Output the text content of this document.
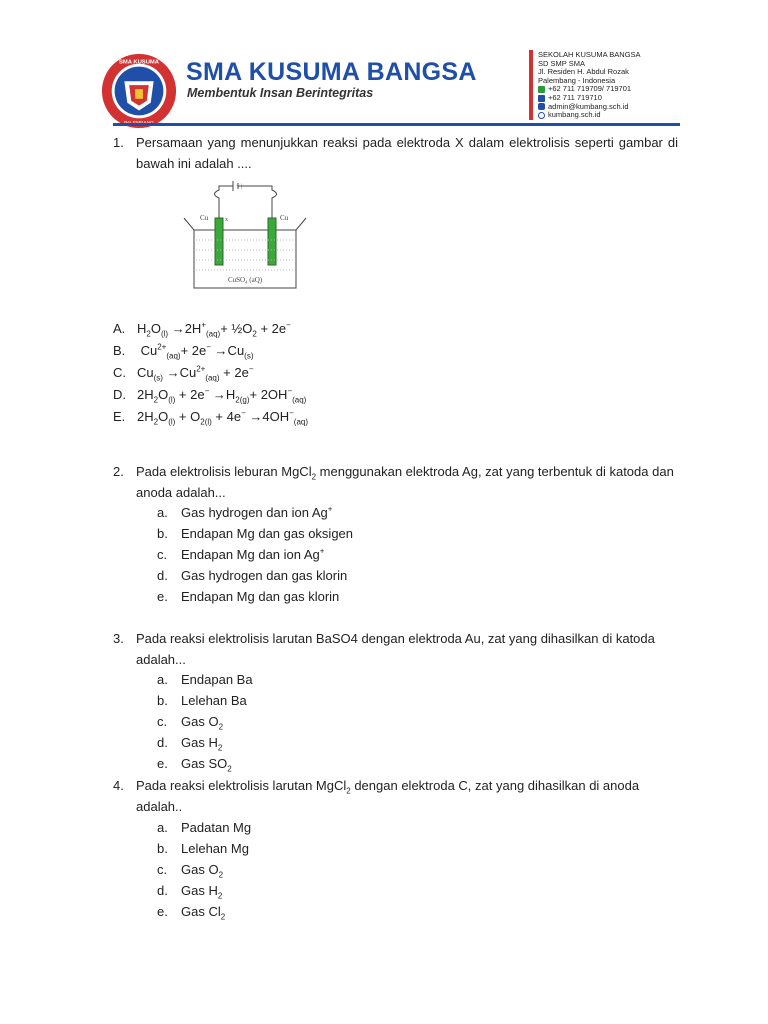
SMA KUSUMA SMA KUSUMA BANGSA
Membentuk Insan Berintegritas
SEKOLAH KUSUMA BANGSA
SD SMP SMA
Jl. Residen H. Abdul Rozak
Palembang - Indonesia
+62 711 719709/ 719701
+62 711 719710
admin@kumbang.sch.id
kumbang.sch.id
1. Persamaan yang menunjukkan reaksi pada elektroda X dalam elektrolisis seperti gambar di bawah ini adalah ....
+ | -
Cu	x	Cu
CuSO₄ (aQ)
A. $H_2O_{(l)} \to 2H^+_{(aq)}+$ $\frac{1}{2}O_2 + 2e^-$
B. $Cu^{2+}_{(aq)}+ 2e^- \to Cu_{(s)}$
C. $Cu_{(s)} \to Cu^{2+}_{(aq)} + 2e^-$
D. $2H_2O_{(l)} + 2e^- \to H_{2(g)}+ 2OH^-_{(aq)}$
E. $2H_2O_{(l)} + O_{2(l)} + 4e^- \to 4OH^-_{(aq)}$
2. Pada elektrolisis leburan MgCl$_2$ menggunakan elektroda Ag, zat yang terbentuk di katoda dan anoda adalah...
a. Gas hydrogen dan ion Ag+
b. Endapan Mg dan gas oksigen
c. Endapan Mg dan ion Ag+
d. Gas hydrogen dan gas klorin
e. Endapan Mg dan gas klorin
3. Pada reaksi elektrolisis larutan BaSO4 dengan elektroda Au, zat yang dihasilkan di katoda adalah...
a. Endapan Ba
b. Lelehan Ba
c. Gas $O_2$
d. Gas $H_2$
e. Gas $SO_2$
4. Pada reaksi elektrolisis larutan MgCl$_2$ dengan elektroda C, zat yang dihasilkan di anoda adalah..
a. Padatan Mg
b. Lelehan Mg
c. Gas $O_2$
d. Gas $H_2$
e. Gas $Cl_2$
